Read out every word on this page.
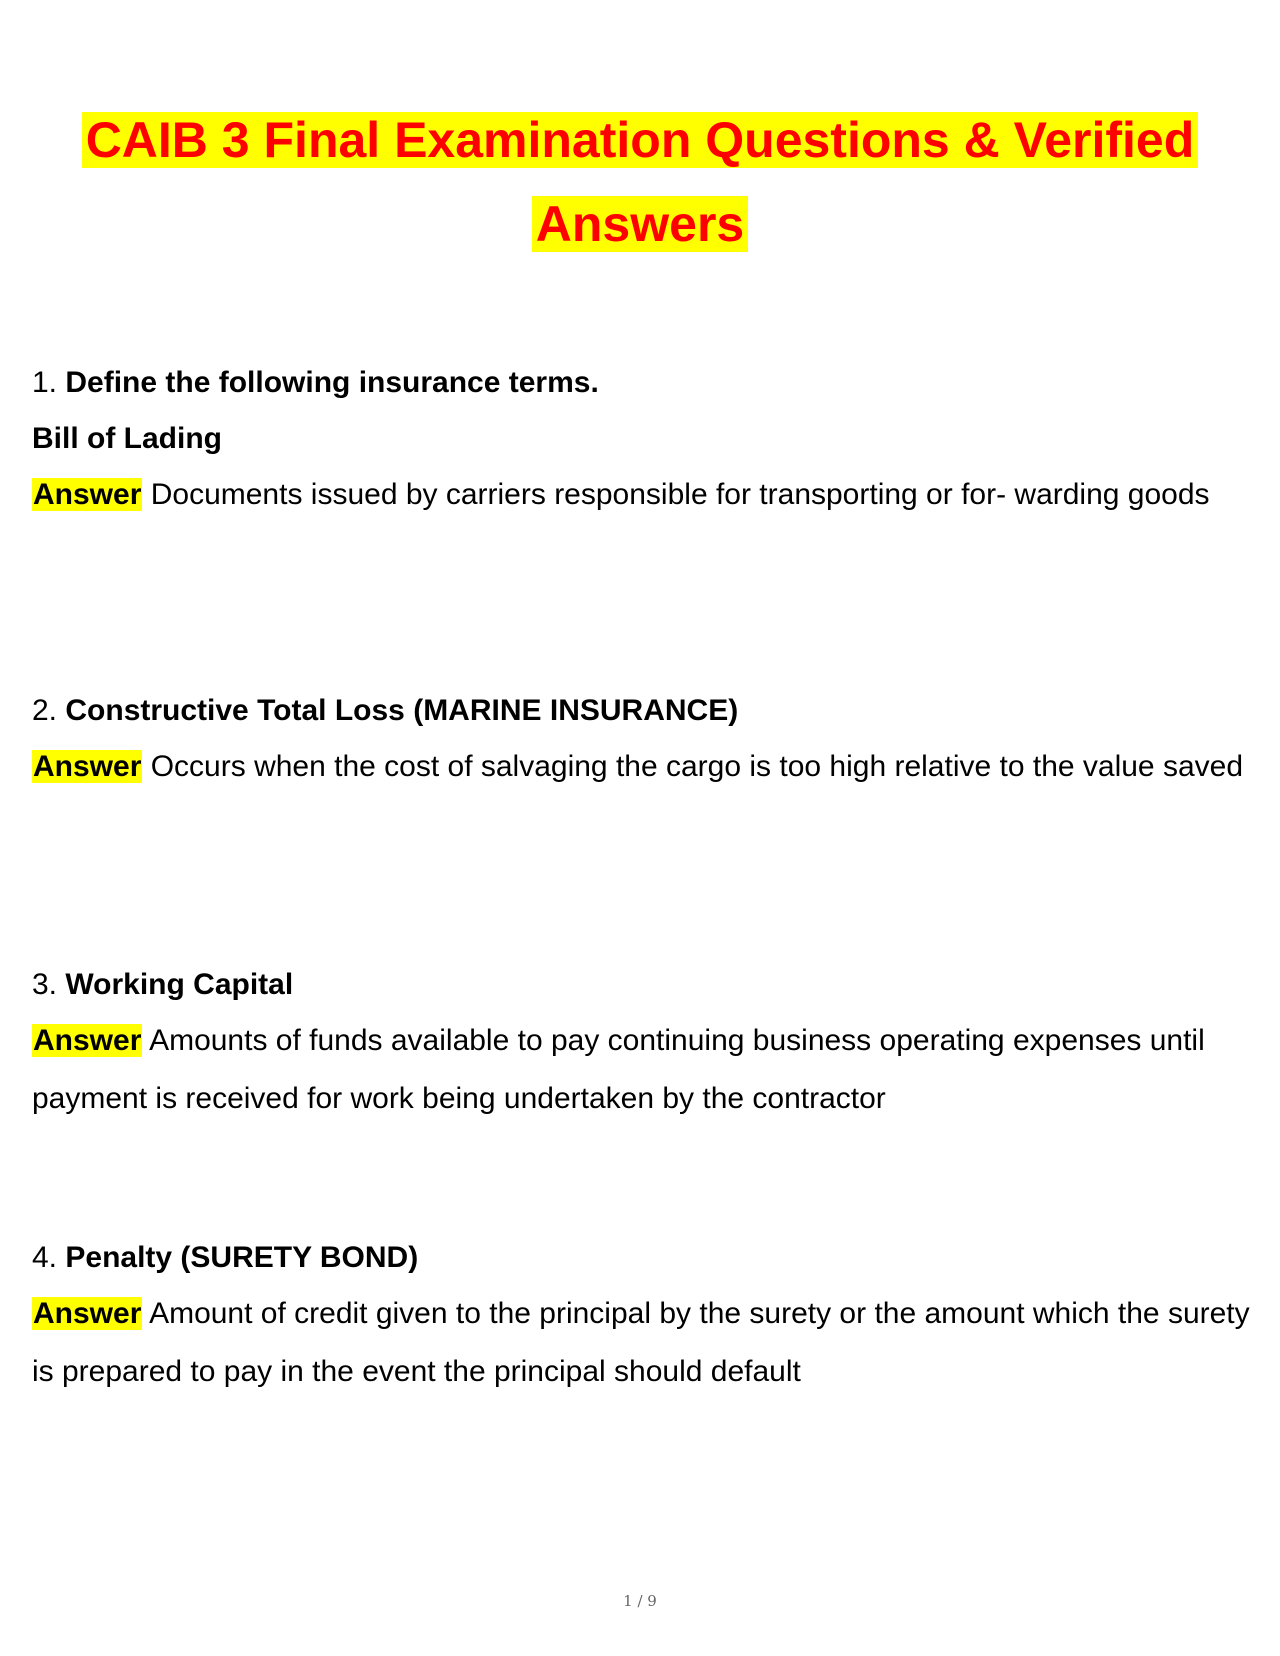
CAIB 3 Final Examination Questions & Verified
Answers

1. Define the following insurance terms.

Bill of Lading
Answer Documents issued by carriers responsible for transporting or for- warding goods

2. Constructive Total Loss (MARINE INSURANCE)

Answer Occurs when the cost of salvaging the cargo is too high relative to the value saved

3. Working Capital

Answer Amounts of funds available to pay continuing business operating expenses until payment is received for work being undertaken by the contractor

4. Penalty (SURETY BOND)

Answer Amount of credit given to the principal by the surety or the amount which the surety is prepared to pay in the event the principal should default
1 / 9
